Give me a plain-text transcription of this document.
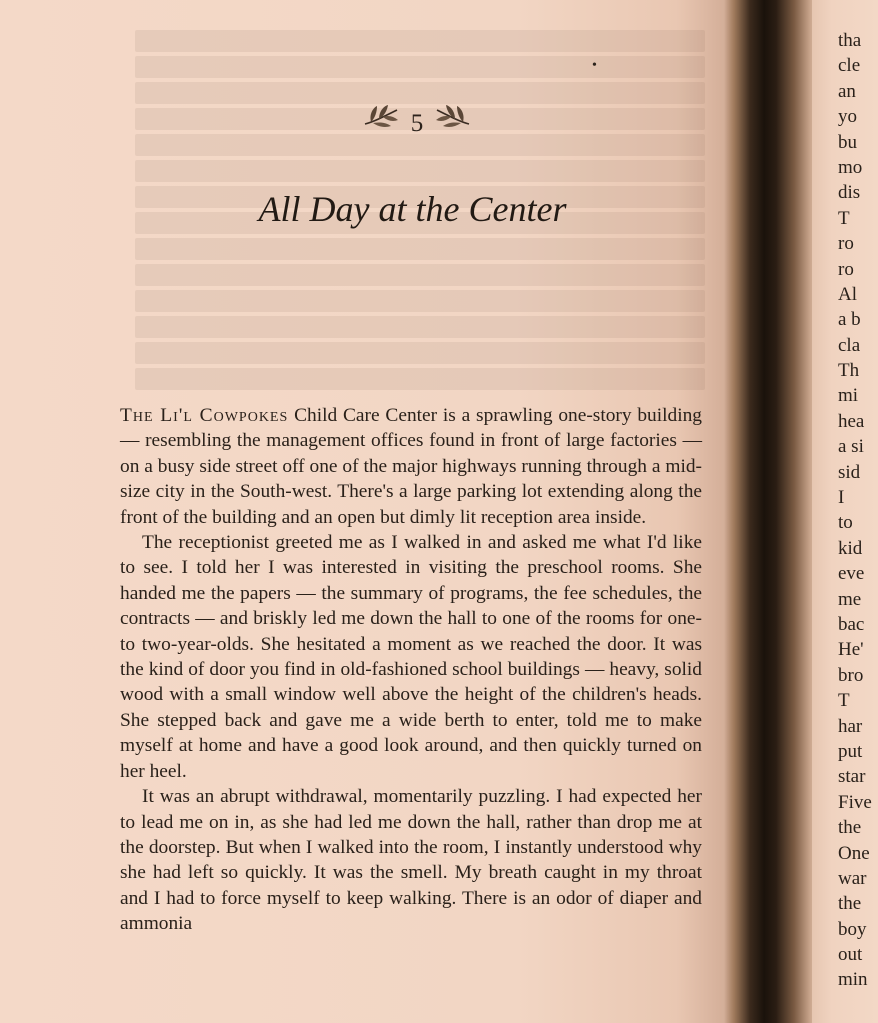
•
5
All Day at the Center

The Li'l Cowpokes Child Care Center is a sprawling one-story building — resembling the management offices found in front of large factories — on a busy side street off one of the major highways running through a mid-size city in the South-west. There's a large parking lot extending along the front of the building and an open but dimly lit reception area inside.

The receptionist greeted me as I walked in and asked me what I'd like to see. I told her I was interested in visiting the preschool rooms. She handed me the papers — the summary of programs, the fee schedules, the contracts — and briskly led me down the hall to one of the rooms for one- to two-year-olds. She hesitated a moment as we reached the door. It was the kind of door you find in old-fashioned school buildings — heavy, solid wood with a small window well above the height of the children's heads. She stepped back and gave me a wide berth to enter, told me to make myself at home and have a good look around, and then quickly turned on her heel.

It was an abrupt withdrawal, momentarily puzzling. I had expected her to lead me on in, as she had led me down the hall, rather than drop me at the doorstep. But when I walked into the room, I instantly understood why she had left so quickly. It was the smell. My breath caught in my throat and I had to force myself to keep walking. There is an odor of diaper and ammonia

tha
cle
an
yo
bu
mo
dis
T
ro
ro
Al
a b
cla
Th
mi
hea
a si
sid
I
to
kid
eve
me
bac
He'
bro
T
har
put
star
Five
the
One
war
the
boy
out
min
